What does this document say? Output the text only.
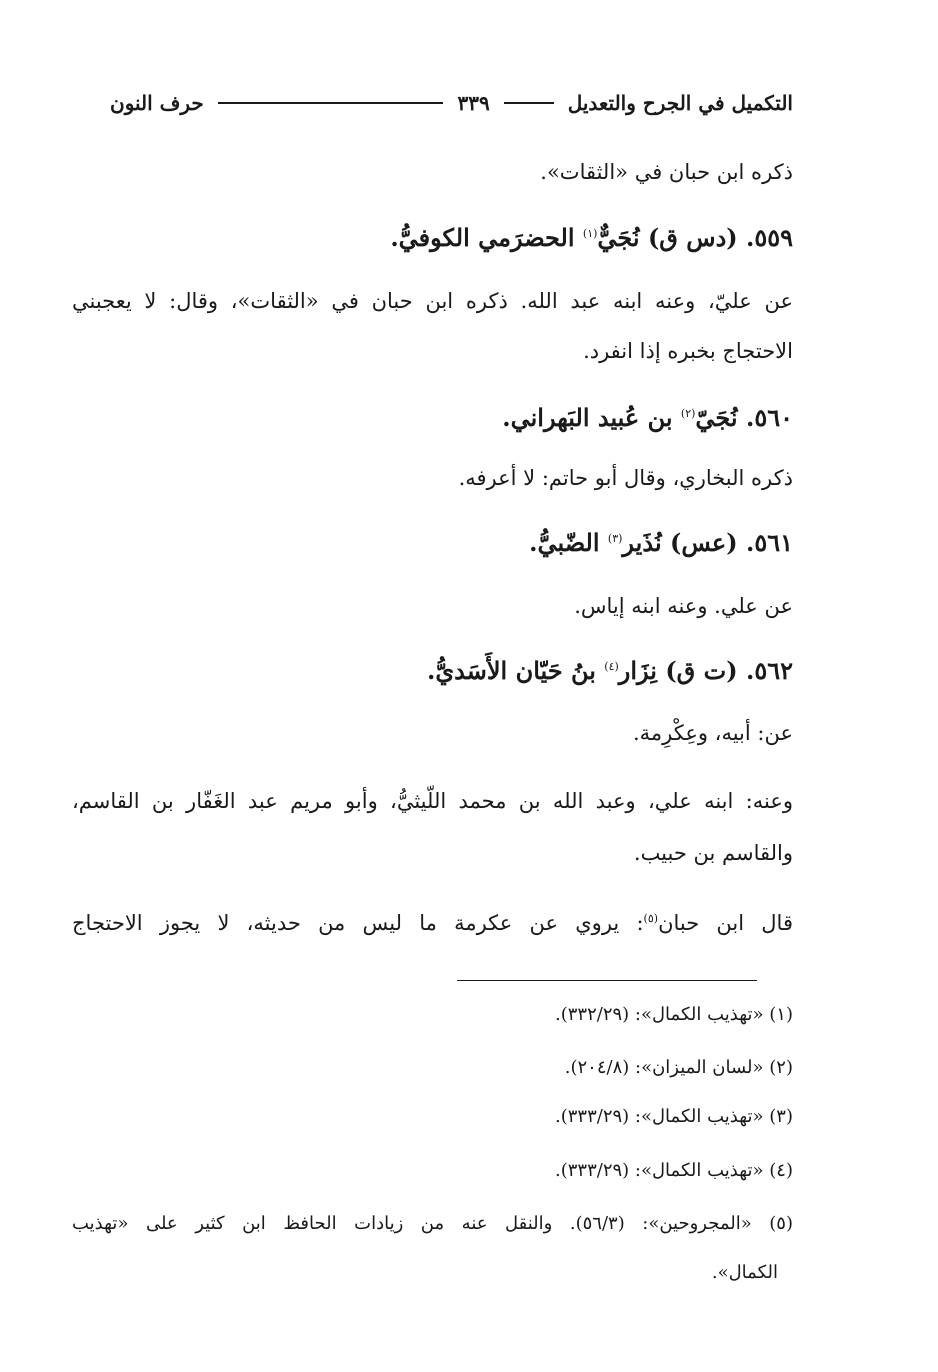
التكميل في الجرح والتعديل
٣٣٩
حرف النون
ذكره ابن حبان في «الثقات».
٥٥٩. (دس ق) نُجَيٌّ$^{(١)}$ الحضرَمي الكوفيُّ.
عن عليّ، وعنه ابنه عبد الله. ذكره ابن حبان في «الثقات»، وقال: لا يعجبني
الاحتجاج بخبره إذا انفرد.
٥٦٠. نُجَيّ$^{(٢)}$ بن عُبيد البَهراني.
ذكره البخاري، وقال أبو حاتم: لا أعرفه.
٥٦١. (عس) نُذَير$^{(٣)}$ الضّبيُّ.
عن علي. وعنه ابنه إياس.
٥٦٢. (ت ق) نِزَار$^{(٤)}$ بنُ حَيّان الأَسَديُّ.
عن: أبيه، وعِكْرِمة.
وعنه: ابنه علي، وعبد الله بن محمد اللّيثيُّ، وأبو مريم عبد الغَفّار بن القاسم،
والقاسم بن حبيب.
قال ابن حبان$^{(٥)}$: يروي عن عكرمة ما ليس من حديثه، لا يجوز الاحتجاج
(١) «تهذيب الكمال»: (٣٣٢/٢٩).
(٢) «لسان الميزان»: (٢٠٤/٨).
(٣) «تهذيب الكمال»: (٣٣٣/٢٩).
(٤) «تهذيب الكمال»: (٣٣٣/٢٩).
(٥) «المجروحين»: (٥٦/٣). والنقل عنه من زيادات الحافظ ابن كثير على «تهذيب
الكمال».
